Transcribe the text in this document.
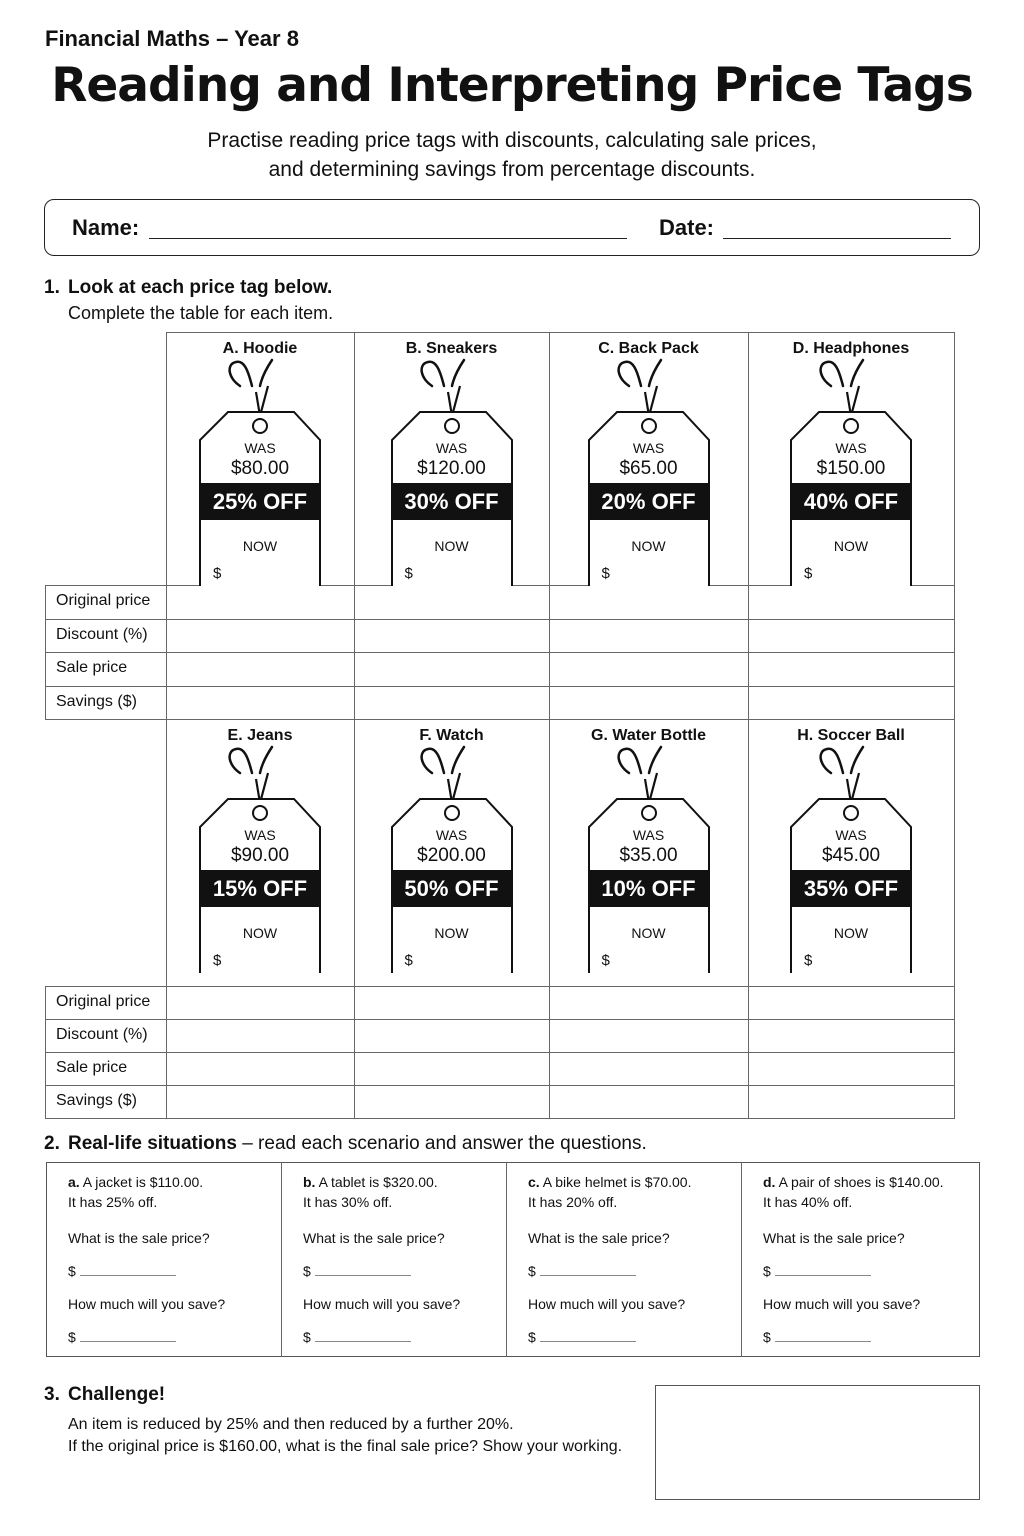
Financial Maths – Year 8
Reading and Interpreting Price Tags
Practise reading price tags with discounts, calculating sale prices,
and determining savings from percentage discounts.
Name:	Date:
1. Look at each price tag below.
Complete the table for each item.
Original price
Discount (%)
Sale price
Savings ($)
A. Hoodie
WAS
$80.00
25% OFF
NOW
$
B. Sneakers
WAS
$120.00
30% OFF
NOW
$
C. Back Pack
WAS
$65.00
20% OFF
NOW
$
D. Headphones
WAS
$150.00
40% OFF
NOW
$
Original price
Discount (%)
Sale price
Savings ($)
E. Jeans
WAS
$90.00
15% OFF
NOW
$
F. Watch
WAS
$200.00
50% OFF
NOW
$
G. Water Bottle
WAS
$35.00
10% OFF
NOW
$
H. Soccer Ball
WAS
$45.00
35% OFF
NOW
$
2. Real-life situations – read each scenario and answer the questions.
a. A jacket is $110.00.
It has 25% off.
What is the sale price?
$
How much will you save?
$
b. A tablet is $320.00.
It has 30% off.
What is the sale price?
$
How much will you save?
$
c. A bike helmet is $70.00.
It has 20% off.
What is the sale price?
$
How much will you save?
$
d. A pair of shoes is $140.00.
It has 40% off.
What is the sale price?
$
How much will you save?
$
3. Challenge!
An item is reduced by 25% and then reduced by a further 20%.
If the original price is $160.00, what is the final sale price? Show your working.
